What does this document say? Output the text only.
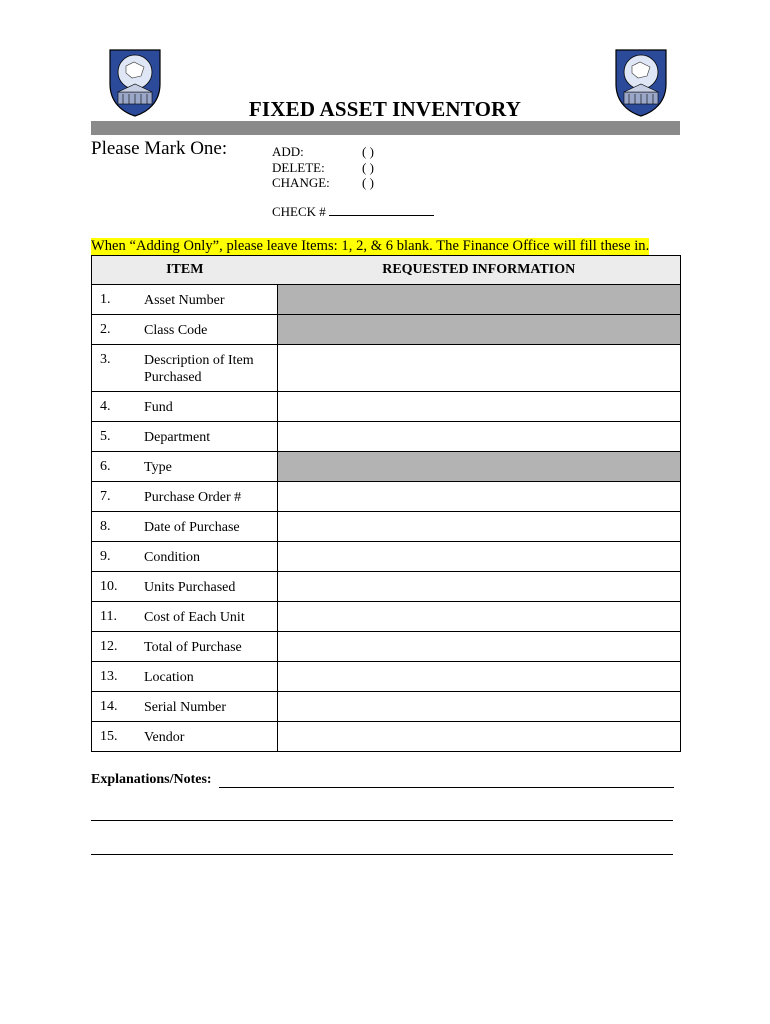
FIXED ASSET INVENTORY
Please Mark One:	ADD:	( )
DELETE:	( )
CHANGE:	( )
CHECK #
When “Adding Only”, please leave Items: 1, 2, & 6 blank. The Finance Office will fill these in.
ITEM	REQUESTED INFORMATION

1. Asset Number	

2. Class Code	

3. Description of Item Purchased	

4. Fund	

5. Department	

6. Type	

7. Purchase Order #	

8. Date of Purchase	

9. Condition	

10. Units Purchased	

11. Cost of Each Unit	

12. Total of Purchase	

13. Location	

14. Serial Number	

15. Vendor	

Explanations/Notes:
